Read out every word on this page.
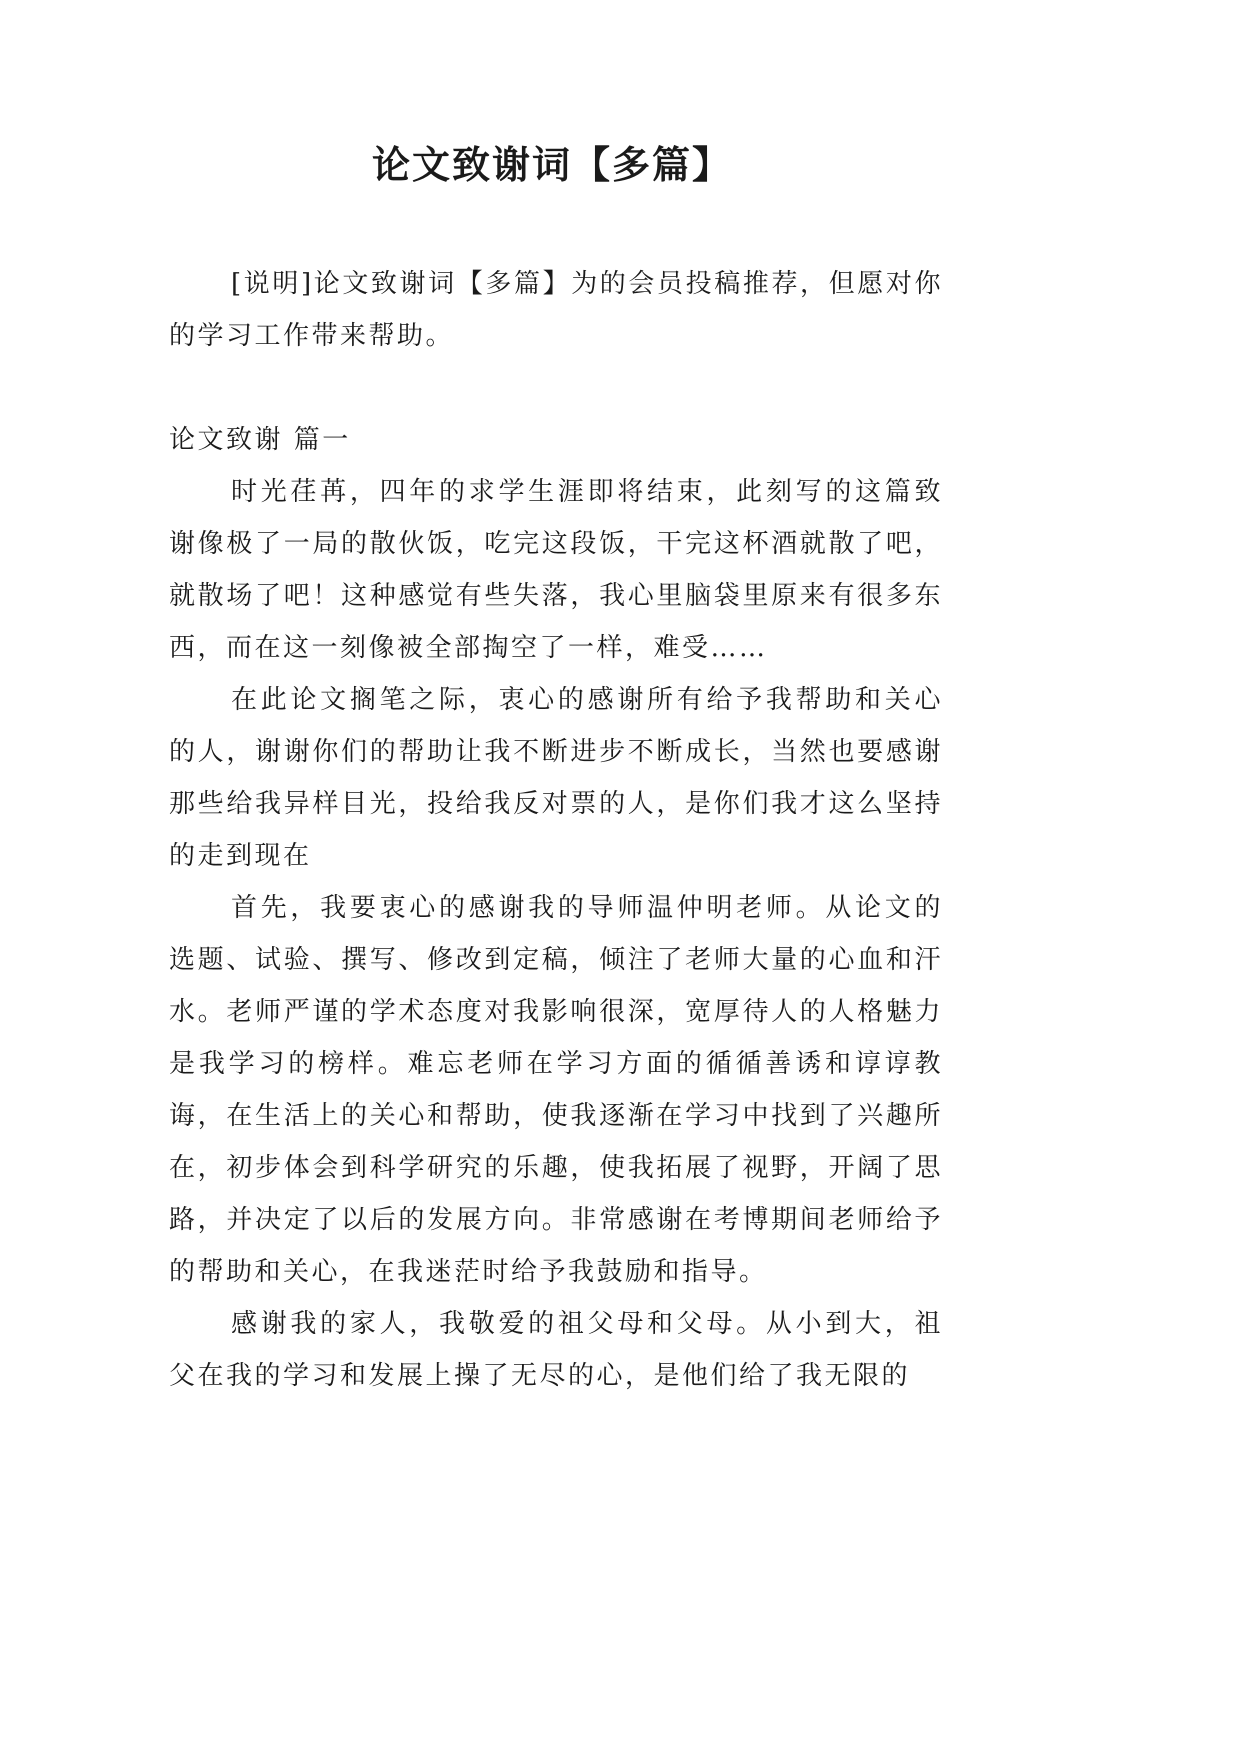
论文致谢词【多篇】

[说明]论文致谢词【多篇】为的会员投稿推荐，但愿对你的学习工作带来帮助。

论文致谢 篇一

时光荏苒，四年的求学生涯即将结束，此刻写的这篇致谢像极了一局的散伙饭，吃完这段饭，干完这杯酒就散了吧，就散场了吧！这种感觉有些失落，我心里脑袋里原来有很多东西，而在这一刻像被全部掏空了一样，难受……

在此论文搁笔之际，衷心的感谢所有给予我帮助和关心的人，谢谢你们的帮助让我不断进步不断成长，当然也要感谢那些给我异样目光，投给我反对票的人，是你们我才这么坚持的走到现在

首先，我要衷心的感谢我的导师温仲明老师。从论文的选题、试验、撰写、修改到定稿，倾注了老师大量的心血和汗水。老师严谨的学术态度对我影响很深，宽厚待人的人格魅力是我学习的榜样。难忘老师在学习方面的循循善诱和谆谆教诲，在生活上的关心和帮助，使我逐渐在学习中找到了兴趣所在，初步体会到科学研究的乐趣，使我拓展了视野，开阔了思路，并决定了以后的发展方向。非常感谢在考博期间老师给予的帮助和关心，在我迷茫时给予我鼓励和指导。

感谢我的家人，我敬爱的祖父母和父母。从小到大，祖父在我的学习和发展上操了无尽的心，是他们给了我无限的
